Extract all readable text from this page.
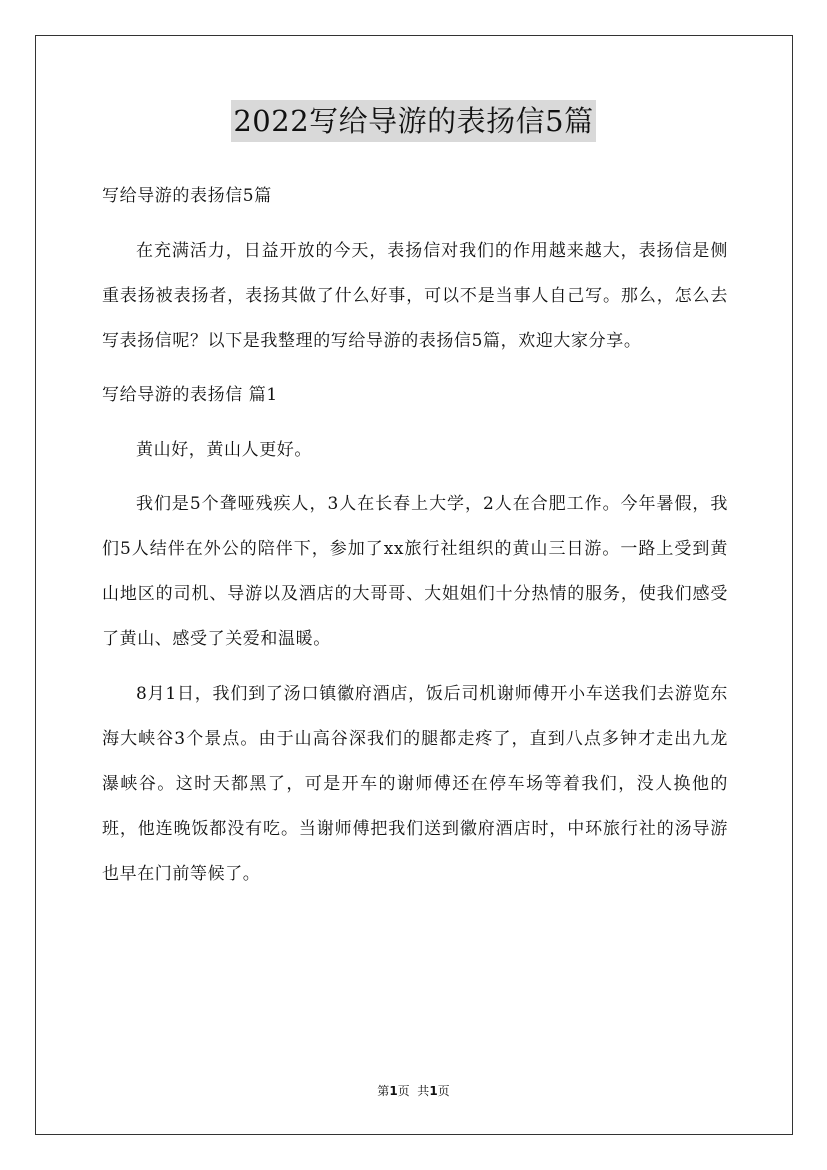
2022写给导游的表扬信5篇

写给导游的表扬信5篇

在充满活力，日益开放的今天，表扬信对我们的作用越来越大，表扬信是侧重表扬被表扬者，表扬其做了什么好事，可以不是当事人自己写。那么，怎么去写表扬信呢？以下是我整理的写给导游的表扬信5篇，欢迎大家分享。

写给导游的表扬信 篇1

黄山好，黄山人更好。

我们是5个聋哑残疾人，3人在长春上大学，2人在合肥工作。今年暑假，我们5人结伴在外公的陪伴下，参加了xx旅行社组织的黄山三日游。一路上受到黄山地区的司机、导游以及酒店的大哥哥、大姐姐们十分热情的服务，使我们感受了黄山、感受了关爱和温暖。

8月1日，我们到了汤口镇徽府酒店，饭后司机谢师傅开小车送我们去游览东海大峡谷3个景点。由于山高谷深我们的腿都走疼了，直到八点多钟才走出九龙瀑峡谷。这时天都黑了，可是开车的谢师傅还在停车场等着我们，没人换他的班，他连晚饭都没有吃。当谢师傅把我们送到徽府酒店时，中环旅行社的汤导游也早在门前等候了。

第1页  共1页
